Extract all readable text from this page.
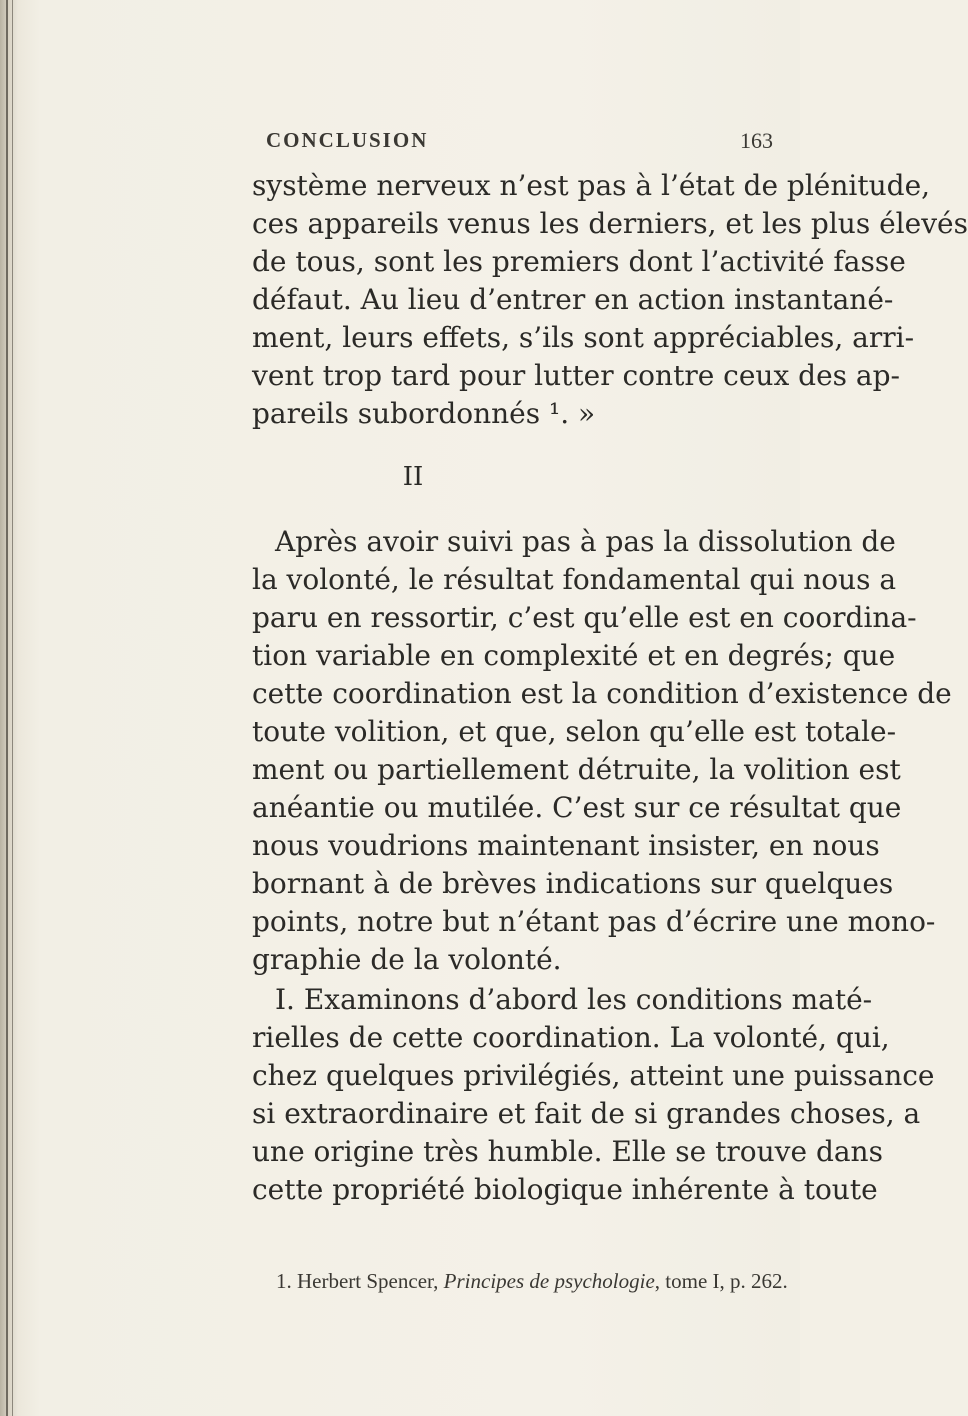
CONCLUSION	163
système nerveux n’est pas à l’état de plénitude,
ces appareils venus les derniers, et les plus élevés
de tous, sont les premiers dont l’activité fasse
défaut. Au lieu d’entrer en action instantané-
ment, leurs effets, s’ils sont appréciables, arri-
vent trop tard pour lutter contre ceux des ap-
pareils subordonnés ¹. »
II
Après avoir suivi pas à pas la dissolution de
la volonté, le résultat fondamental qui nous a
paru en ressortir, c’est qu’elle est en coordina-
tion variable en complexité et en degrés; que
cette coordination est la condition d’existence de
toute volition, et que, selon qu’elle est totale-
ment ou partiellement détruite, la volition est
anéantie ou mutilée. C’est sur ce résultat que
nous voudrions maintenant insister, en nous
bornant à de brèves indications sur quelques
points, notre but n’étant pas d’écrire une mono-
graphie de la volonté.
I. Examinons d’abord les conditions maté-
rielles de cette coordination. La volonté, qui,
chez quelques privilégiés, atteint une puissance
si extraordinaire et fait de si grandes choses, a
une origine très humble. Elle se trouve dans
cette propriété biologique inhérente à toute
1. Herbert Spencer, Principes de psychologie, tome I, p. 262.
